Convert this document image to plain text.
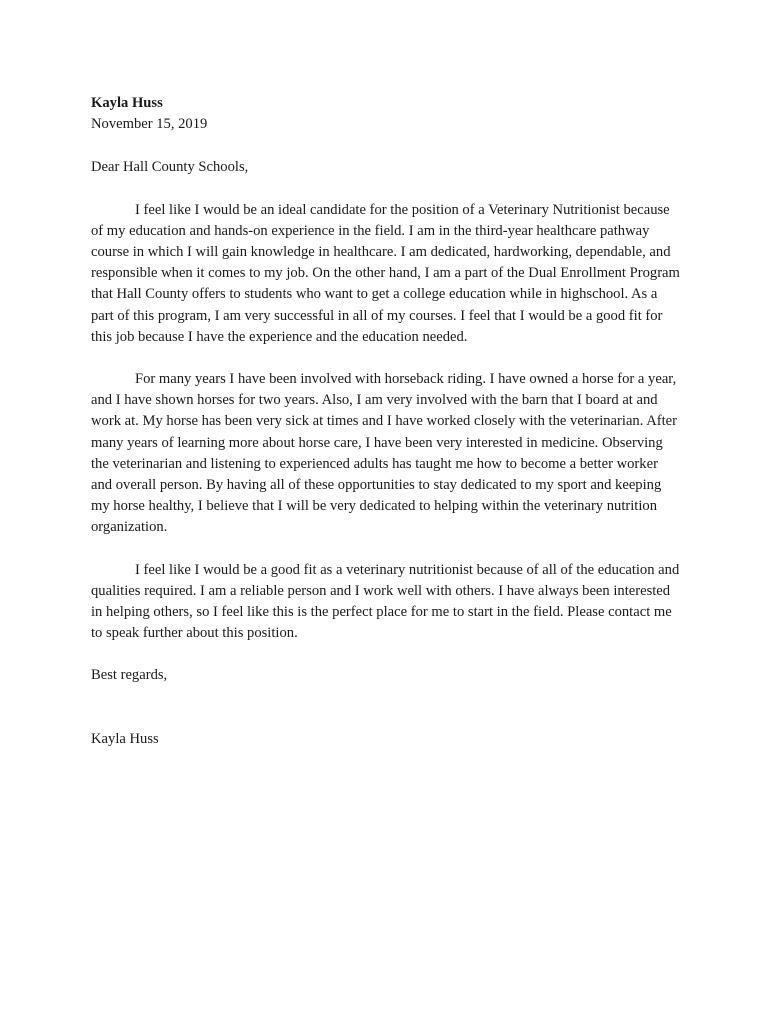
Kayla Huss

November 15, 2019

Dear Hall County Schools,

I feel like I would be an ideal candidate for the position of a Veterinary Nutritionist because of my education and hands-on experience in the field. I am in the third-year healthcare pathway course in which I will gain knowledge in healthcare. I am dedicated, hardworking, dependable, and responsible when it comes to my job. On the other hand, I am a part of the Dual Enrollment Program that Hall County offers to students who want to get a college education while in highschool. As a part of this program, I am very successful in all of my courses. I feel that I would be a good fit for this job because I have the experience and the education needed.

For many years I have been involved with horseback riding. I have owned a horse for a year, and I have shown horses for two years. Also, I am very involved with the barn that I board at and work at. My horse has been very sick at times and I have worked closely with the veterinarian. After many years of learning more about horse care, I have been very interested in medicine. Observing the veterinarian and listening to experienced adults has taught me how to become a better worker and overall person. By having all of these opportunities to stay dedicated to my sport and keeping my horse healthy, I believe that I will be very dedicated to helping within the veterinary nutrition organization.

I feel like I would be a good fit as a veterinary nutritionist because of all of the education and qualities required. I am a reliable person and I work well with others. I have always been interested in helping others, so I feel like this is the perfect place for me to start in the field. Please contact me to speak further about this position.

Best regards,

Kayla Huss
